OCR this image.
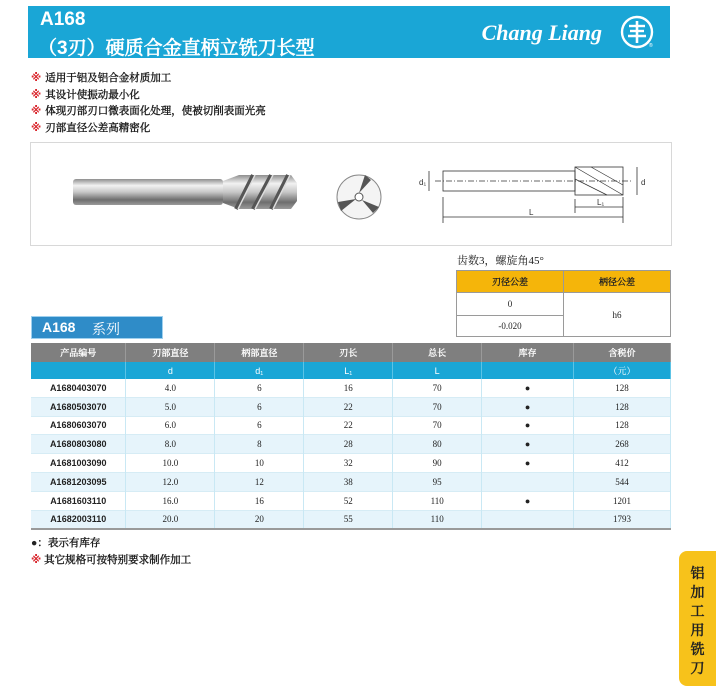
A168
（3刃）硬质合金直柄立铣刀长型
Chang Liang
®
※ 适用于铝及铝合金材质加工
※ 其设计使振动最小化
※ 体现刃部刃口微表面化处理，使被切削表面光亮
※ 刃部直径公差高精密化
d₁	d
L₁
L
齿数3，螺旋角45°
刃径公差	柄径公差
0	h6
-0.020	
A168 系列
产品编号	刃部直径	柄部直径	刃长	总长	库存	含税价
	d	d₁	L₁	L		（元）
A1680403070	4.0	6	16	70	●	128
A1680503070	5.0	6	22	70	●	128
A1680603070	6.0	6	22	70	●	128
A1680803080	8.0	8	28	80	●	268
A1681003090	10.0	10	32	90	●	412
A1681203095	12.0	12	38	95		544
A1681603110	16.0	16	52	110	●	1201
A1682003110	20.0	20	55	110		1793
●：表示有库存
※ 其它规格可按特别要求制作加工
铝
加
工
用
铣
刀
